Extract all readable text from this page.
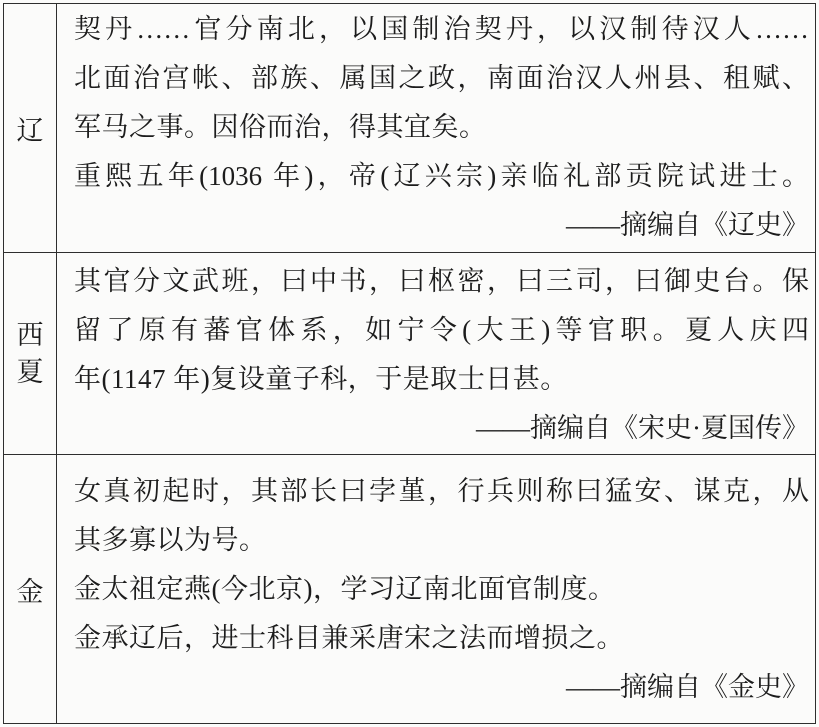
辽
契丹……官分南北，以国制治契丹，以汉制待汉人……
北面治宫帐、部族、属国之政，南面治汉人州县、租赋、
军马之事。因俗而治，得其宜矣。
重熙五年(1036 年)，帝(辽兴宗)亲临礼部贡院试进士。
——摘编自《辽史》
西夏
其官分文武班，曰中书，曰枢密，曰三司，曰御史台。保
留了原有蕃官体系，如宁令(大王)等官职。夏人庆四
年(1147 年)复设童子科，于是取士日甚。
——摘编自《宋史·夏国传》
金
女真初起时，其部长曰孛堇，行兵则称曰猛安、谋克，从
其多寡以为号。
金太祖定燕(今北京)，学习辽南北面官制度。
金承辽后，进士科目兼采唐宋之法而增损之。
——摘编自《金史》
